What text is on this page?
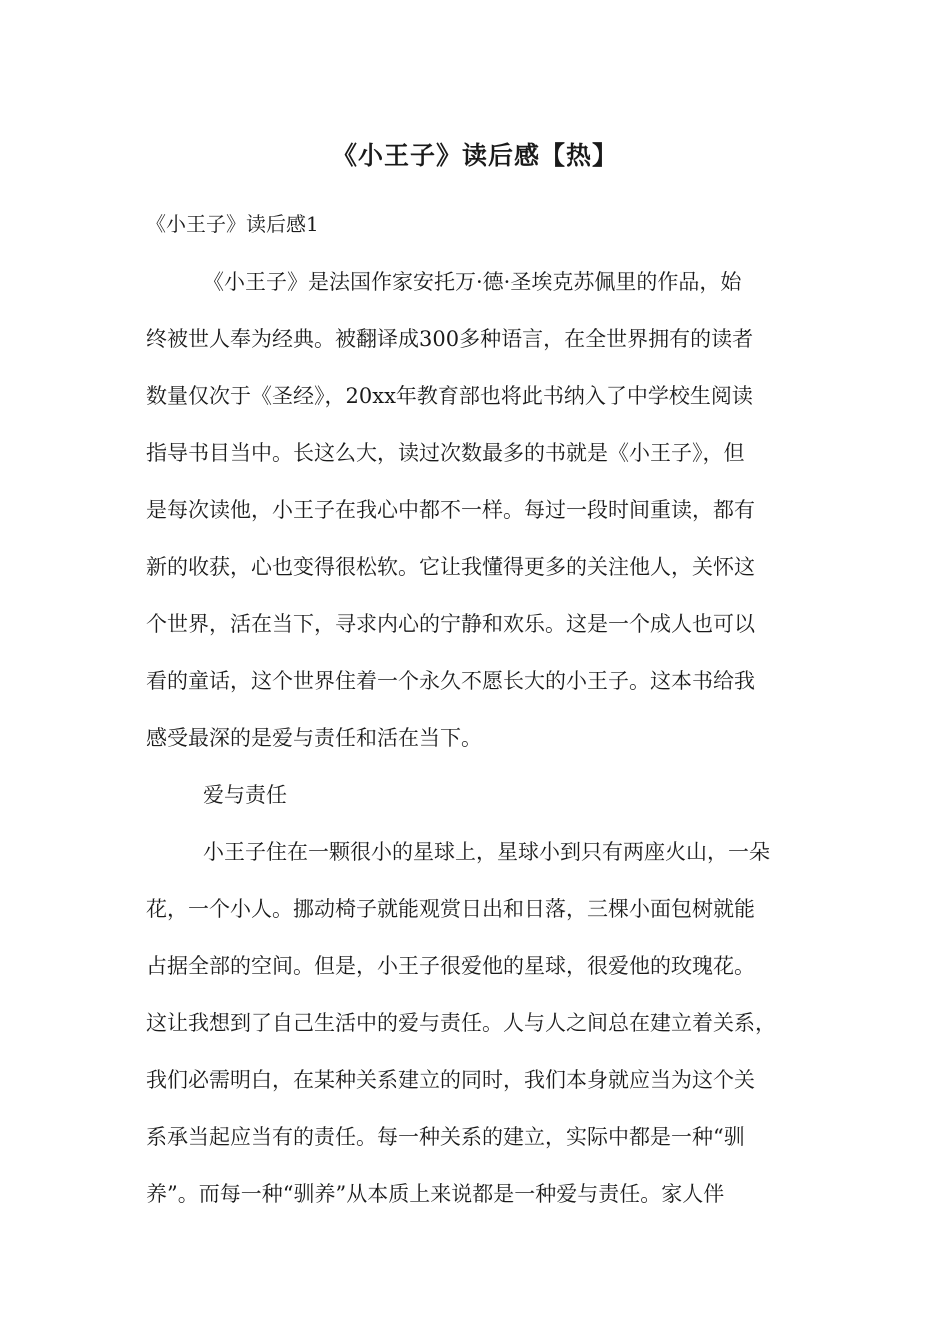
《小王子》读后感【热】
《小王子》读后感1
《小王子》是法国作家安托万·德·圣埃克苏佩里的作品，始
终被世人奉为经典。被翻译成300多种语言，在全世界拥有的读者
数量仅次于《圣经》，20xx年教育部也将此书纳入了中学校生阅读
指导书目当中。长这么大，读过次数最多的书就是《小王子》，但
是每次读他，小王子在我心中都不一样。每过一段时间重读，都有
新的收获，心也变得很松软。它让我懂得更多的关注他人，关怀这
个世界，活在当下，寻求内心的宁静和欢乐。这是一个成人也可以
看的童话，这个世界住着一个永久不愿长大的小王子。这本书给我
感受最深的是爱与责任和活在当下。
爱与责任
小王子住在一颗很小的星球上，星球小到只有两座火山，一朵
花，一个小人。挪动椅子就能观赏日出和日落，三棵小面包树就能
占据全部的空间。但是，小王子很爱他的星球，很爱他的玫瑰花。
这让我想到了自己生活中的爱与责任。人与人之间总在建立着关系，
我们必需明白，在某种关系建立的同时，我们本身就应当为这个关
系承当起应当有的责任。每一种关系的建立，实际中都是一种“驯
养”。而每一种“驯养”从本质上来说都是一种爱与责任。家人伴
